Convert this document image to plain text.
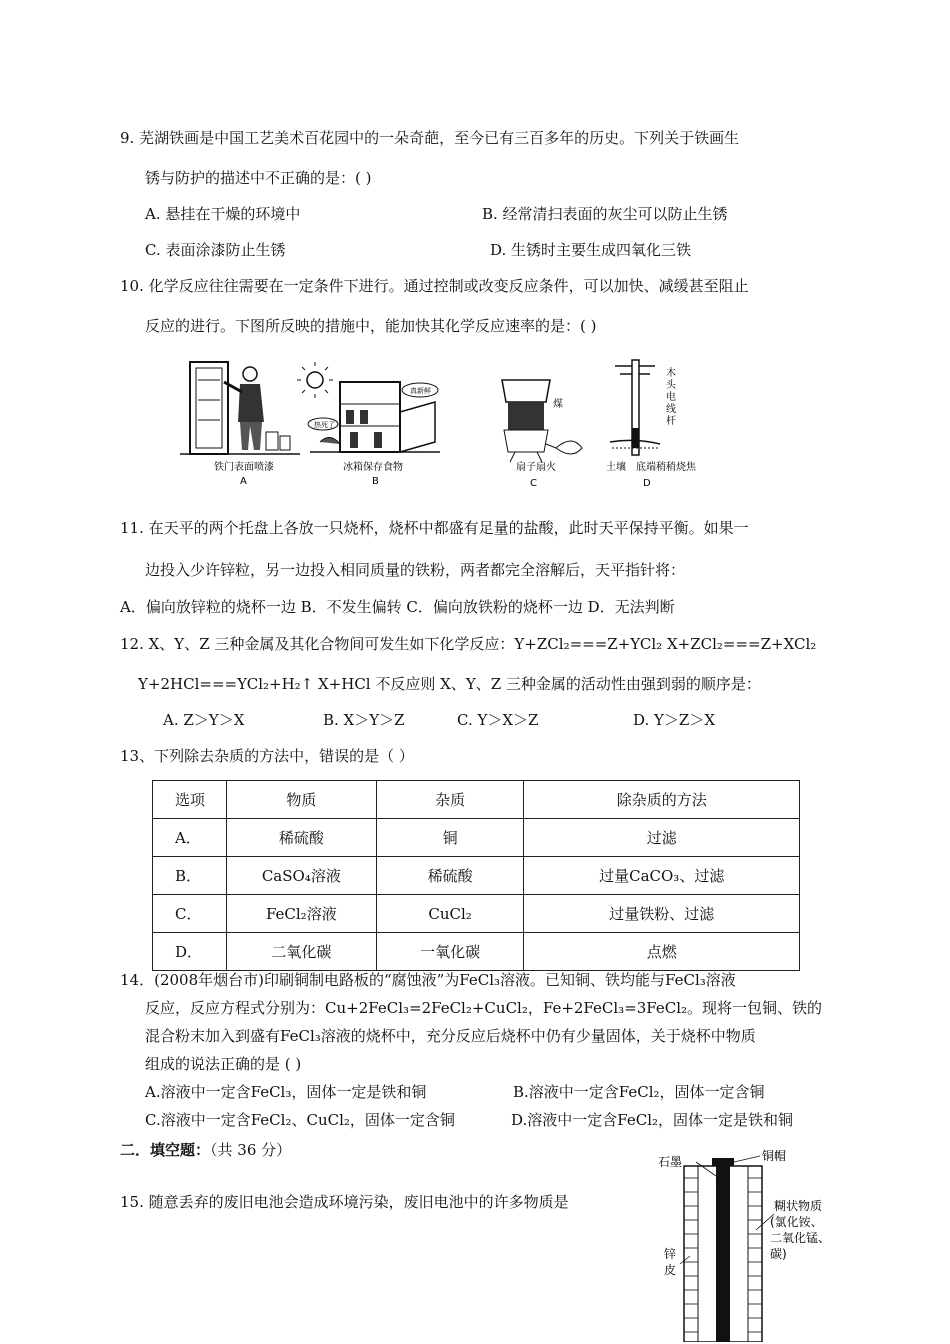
9. 芜湖铁画是中国工艺美术百花园中的一朵奇葩，至今已有三百多年的历史。下列关于铁画生
锈与防护的描述中不正确的是：( )
A. 悬挂在干燥的环境中	B. 经常清扫表面的灰尘可以防止生锈
C. 表面涂漆防止生锈	D. 生锈时主要生成四氧化三铁
10. 化学反应往往需要在一定条件下进行。通过控制或改变反应条件，可以加快、减缓甚至阻止
反应的进行。下图所反映的措施中，能加快其化学反应速率的是：( )
铁门表面喷漆
A
真新鲜
热死了
冰箱保存食物
B
煤
扇子扇火
C
木
头
电
线
杆
土壤 底端稍稍烧焦
D
11. 在天平的两个托盘上各放一只烧杯，烧杯中都盛有足量的盐酸，此时天平保持平衡。如果一
边投入少许锌粒，另一边投入相同质量的铁粉，两者都完全溶解后，天平指针将：
A．偏向放锌粒的烧杯一边 B．不发生偏转 C．偏向放铁粉的烧杯一边 D．无法判断
12. X、Y、Z 三种金属及其化合物间可发生如下化学反应：Y+ZCl₂===Z+YCl₂ X+ZCl₂===Z+XCl₂
Y+2HCl===YCl₂+H₂↑ X+HCl 不反应则 X、Y、Z 三种金属的活动性由强到弱的顺序是：
A. Z＞Y＞X	B. X＞Y＞Z	C. Y＞X＞Z	D. Y＞Z＞X
13、下列除去杂质的方法中，错误的是（ ）
选项	物质	杂质	除杂质的方法
A．	稀硫酸	铜	过滤
B．	CaSO₄溶液	稀硫酸	过量CaCO₃、过滤
C．	FeCl₂溶液	CuCl₂	过量铁粉、过滤
D．	二氧化碳	一氧化碳	点燃
14．(2008年烟台市)印刷铜制电路板的“腐蚀液”为FeCl₃溶液。已知铜、铁均能与FeCl₃溶液
反应，反应方程式分别为：Cu+2FeCl₃=2FeCl₂+CuCl₂，Fe+2FeCl₃=3FeCl₂。现将一包铜、铁的
混合粉末加入到盛有FeCl₃溶液的烧杯中，充分反应后烧杯中仍有少量固体，关于烧杯中物质
组成的说法正确的是 ( )
A.溶液中一定含FeCl₃，固体一定是铁和铜	B.溶液中一定含FeCl₂，固体一定含铜
C.溶液中一定含FeCl₂、CuCl₂，固体一定含铜	D.溶液中一定含FeCl₂，固体一定是铁和铜
二．填空题：（共 36 分）
15. 随意丢弃的废旧电池会造成环境污染，废旧电池中的许多物质是
石墨	铜帽
糊状物质
(氯化铵、
二氧化锰、
碳)
锌
皮
